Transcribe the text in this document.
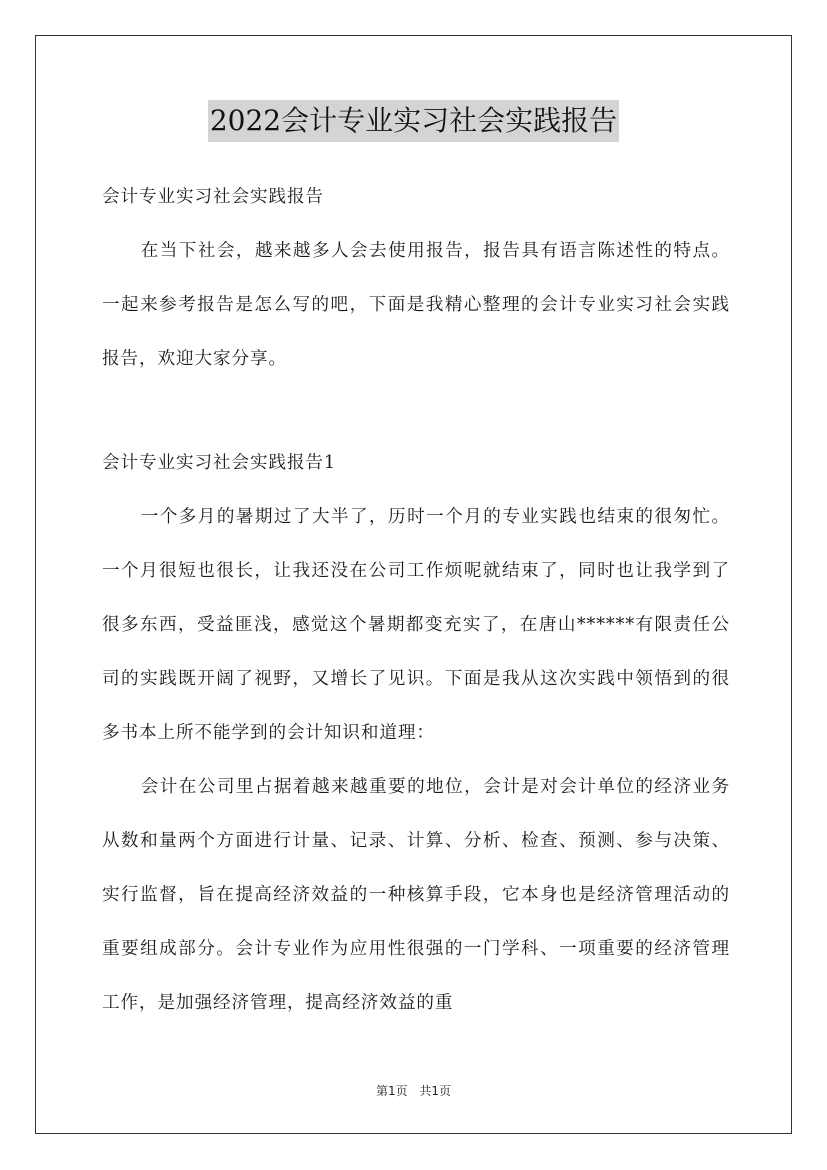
2022会计专业实习社会实践报告

会计专业实习社会实践报告

在当下社会，越来越多人会去使用报告，报告具有语言陈述性的特点。一起来参考报告是怎么写的吧，下面是我精心整理的会计专业实习社会实践报告，欢迎大家分享。

会计专业实习社会实践报告1

一个多月的暑期过了大半了，历时一个月的专业实践也结束的很匆忙。一个月很短也很长，让我还没在公司工作烦呢就结束了，同时也让我学到了很多东西，受益匪浅，感觉这个暑期都变充实了，在唐山******有限责任公司的实践既开阔了视野，又增长了见识。下面是我从这次实践中领悟到的很多书本上所不能学到的会计知识和道理：

会计在公司里占据着越来越重要的地位，会计是对会计单位的经济业务从数和量两个方面进行计量、记录、计算、分析、检查、预测、参与决策、实行监督，旨在提高经济效益的一种核算手段，它本身也是经济管理活动的重要组成部分。会计专业作为应用性很强的一门学科、一项重要的经济管理工作，是加强经济管理，提高经济效益的重

第1页 共1页
